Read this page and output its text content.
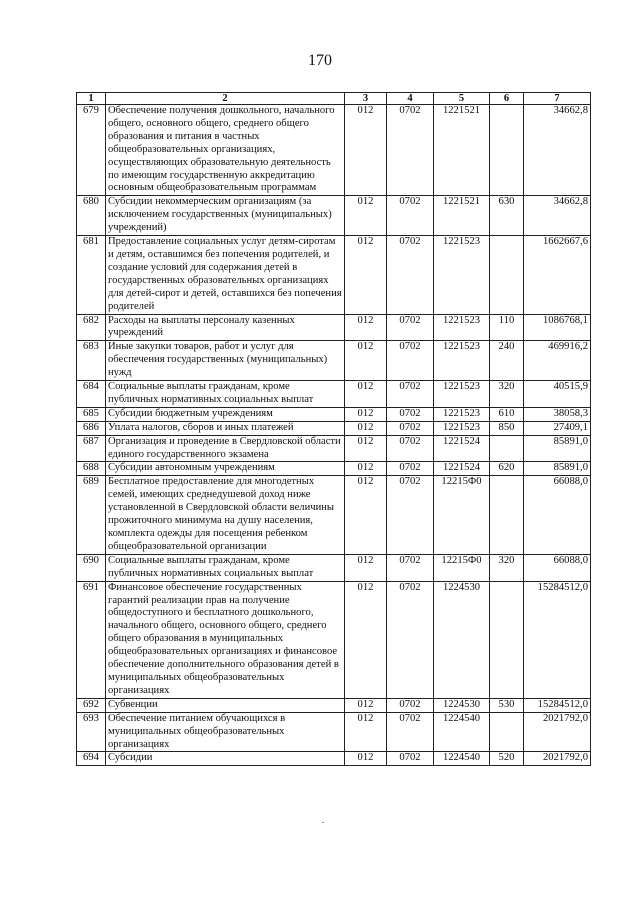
170
1	2	3	4	5	6	7
679	Обеспечение получения дошкольного, начального общего, основного общего, среднего общего образования и питания в частных общеобразовательных организациях, осуществляющих образовательную деятельность по имеющим государственную аккредитацию основным общеобразовательным программам	012	0702	1221521		34662,8
680	Субсидии некоммерческим организациям (за исключением государственных (муниципальных) учреждений)	012	0702	1221521	630	34662,8
681	Предоставление социальных услуг детям-сиротам и детям, оставшимся без попечения родителей, и создание условий для содержания детей в государственных образовательных организациях для детей-сирот и детей, оставшихся без попечения родителей	012	0702	1221523		1662667,6
682	Расходы на выплаты персоналу казенных учреждений	012	0702	1221523	110	1086768,1
683	Иные закупки товаров, работ и услуг для обеспечения государственных (муниципальных) нужд	012	0702	1221523	240	469916,2
684	Социальные выплаты гражданам, кроме публичных нормативных социальных выплат	012	0702	1221523	320	40515,9
685	Субсидии бюджетным учреждениям	012	0702	1221523	610	38058,3
686	Уплата налогов, сборов и иных платежей	012	0702	1221523	850	27409,1
687	Организация и проведение в Свердловской области единого государственного экзамена	012	0702	1221524		85891,0
688	Субсидии автономным учреждениям	012	0702	1221524	620	85891,0
689	Бесплатное предоставление для многодетных семей, имеющих среднедушевой доход ниже установленной в Свердловской области величины прожиточного минимума на душу населения, комплекта одежды для посещения ребенком общеобразовательной организации	012	0702	12215Ф0		66088,0
690	Социальные выплаты гражданам, кроме публичных нормативных социальных выплат	012	0702	12215Ф0	320	66088,0
691	Финансовое обеспечение государственных гарантий реализации прав на получение общедоступного и бесплатного дошкольного, начального общего, основного общего, среднего общего образования в муниципальных общеобразовательных организациях и финансовое обеспечение дополнительного образования детей в муниципальных общеобразовательных организациях	012	0702	1224530		15284512,0
692	Субвенции	012	0702	1224530	530	15284512,0
693	Обеспечение питанием обучающихся в муниципальных общеобразовательных организациях	012	0702	1224540		2021792,0
694	Субсидии	012	0702	1224540	520	2021792,0
